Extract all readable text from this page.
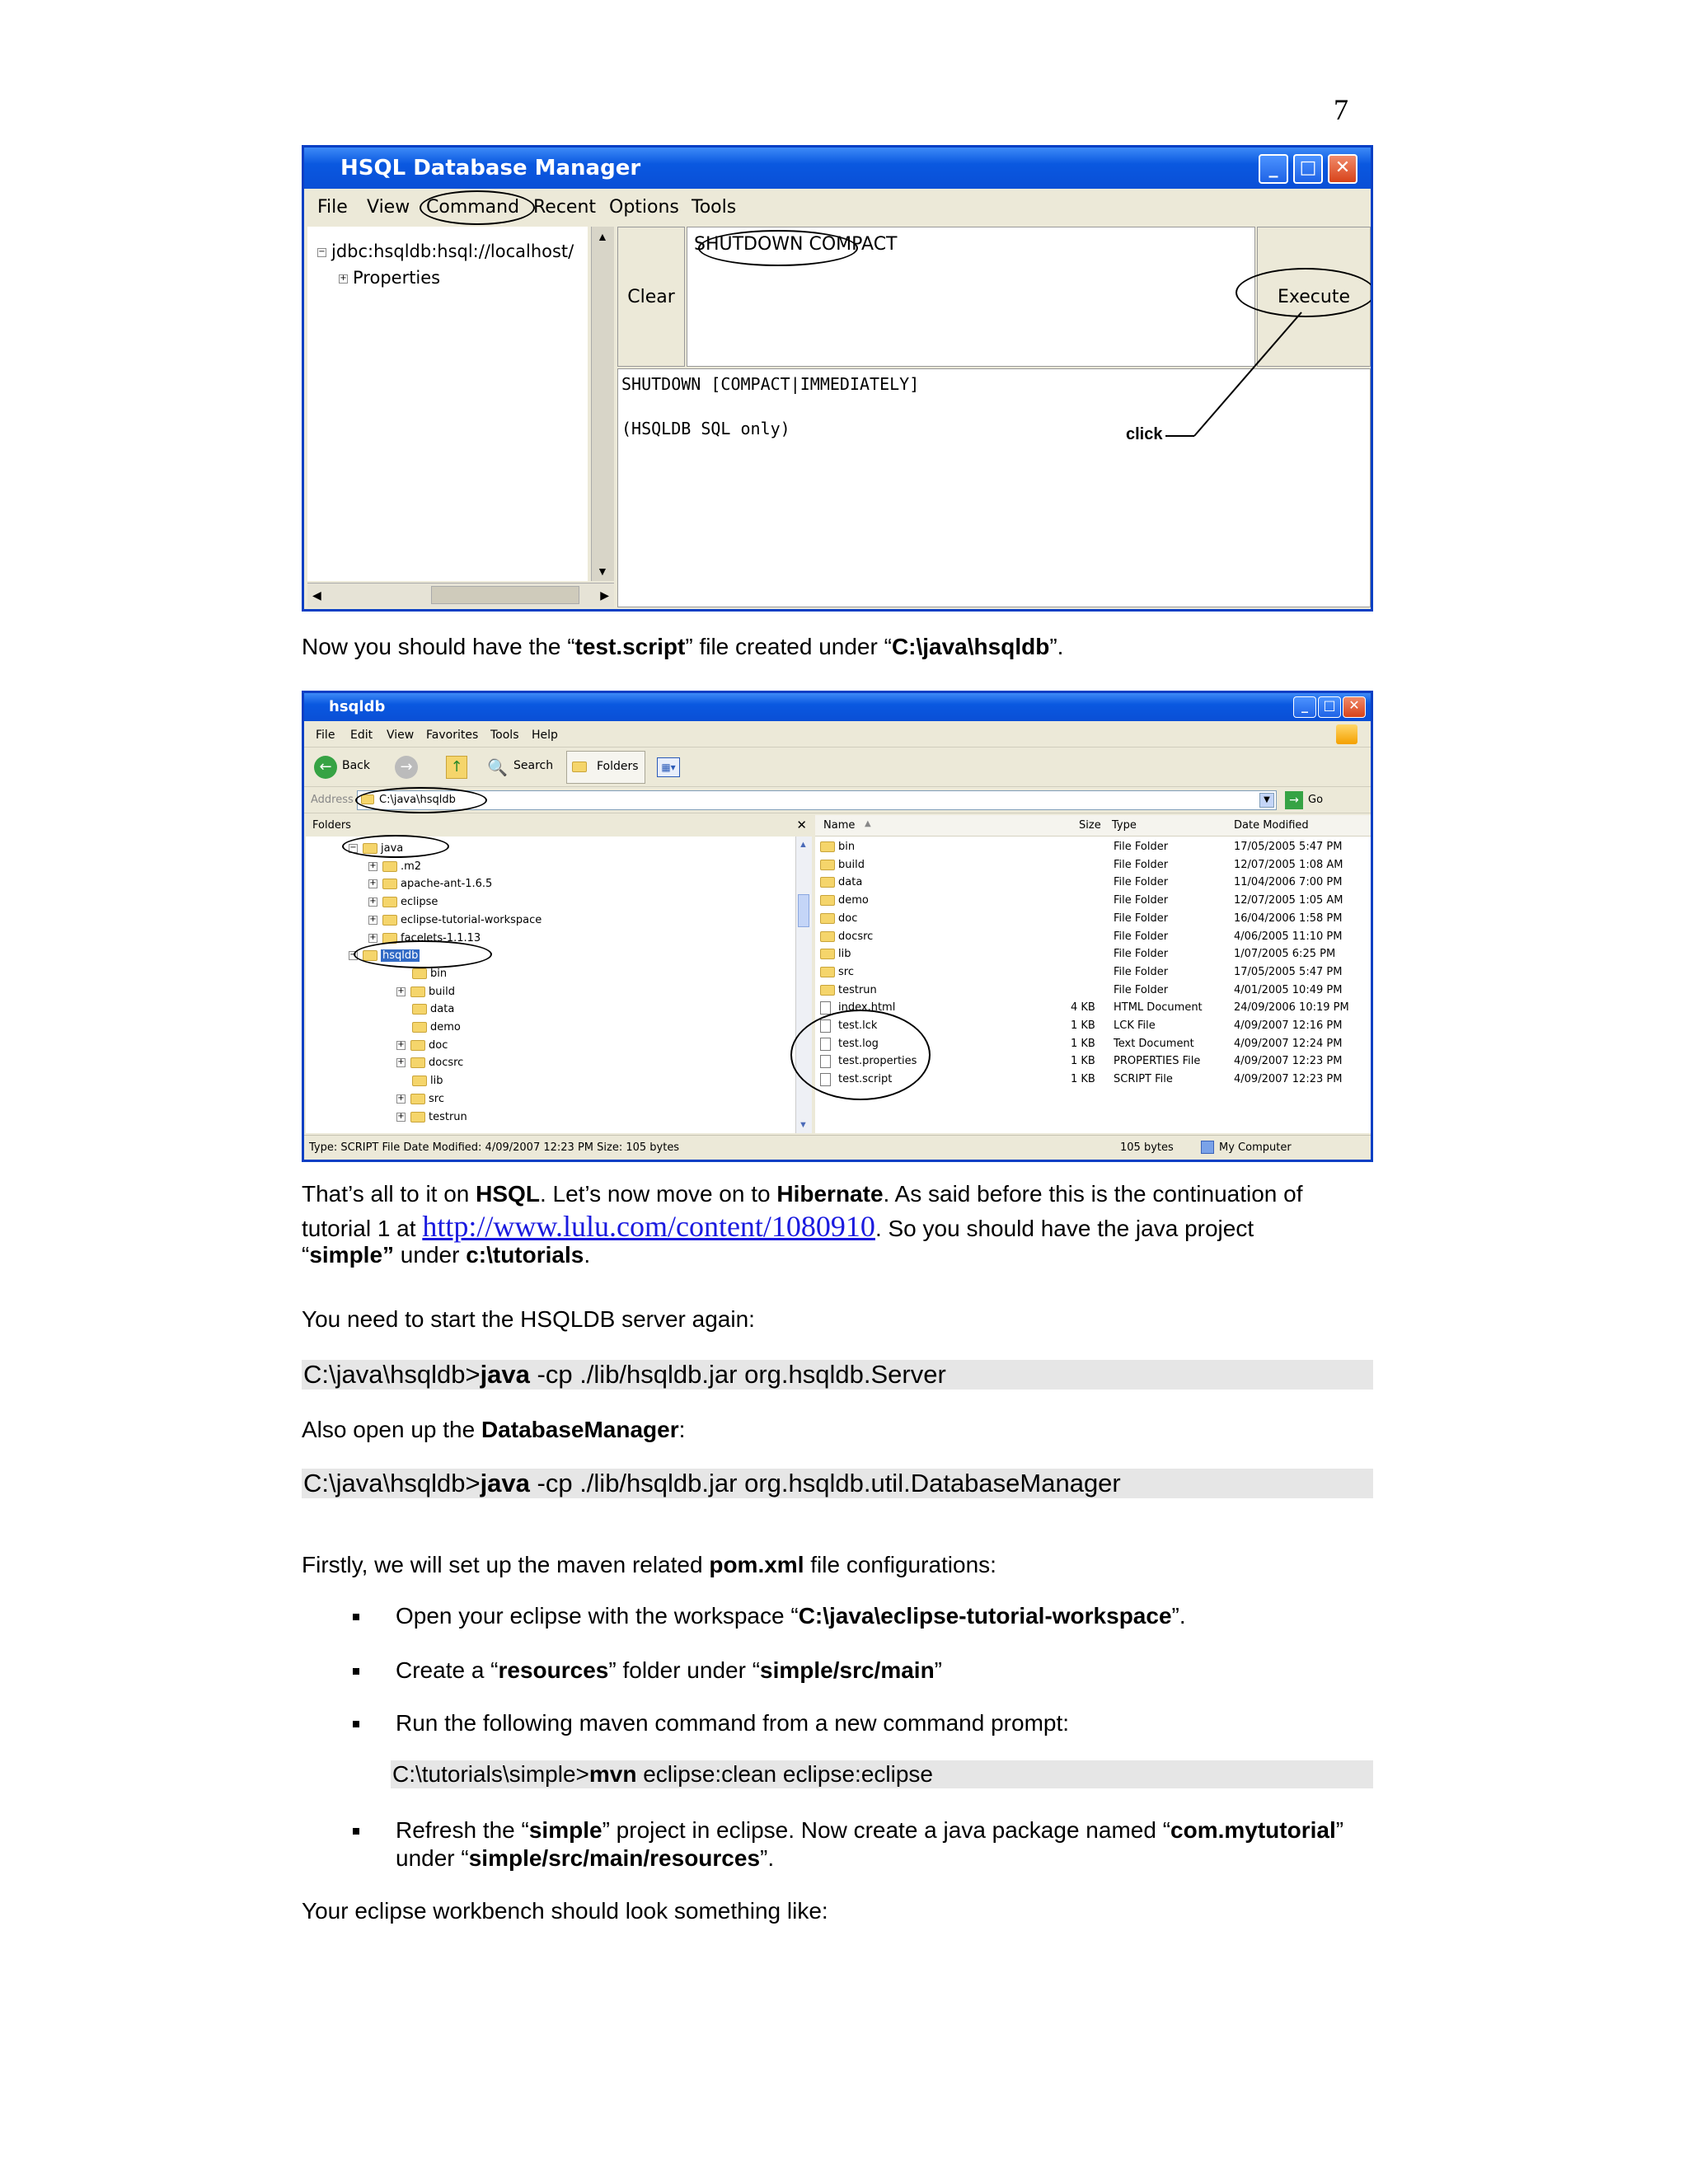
7
HSQL Database Manager	_	□	✕
File View Command Recent Options Tools
− jdbc:hsqldb:hsql://localhost/
+ Properties
▲
▼
◀	▶
Clear
SHUTDOWN COMPACT
Execute
SHUTDOWN [COMPACT|IMMEDIATELY]
(HSQLDB SQL only)	click
Now you should have the “test.script” file created under “C:\java\hsqldb”.
hsqldb	_	□ ✕
File Edit View Favorites Tools Help
← Back	→	↑ 🔍 Search	Folders	▦▾
Address C:\java\hsqldb	▼	→ Go
Folders	✕
− java
+ .m2
+ apache-ant-1.6.5
+ eclipse
+ eclipse-tutorial-workspace
+ facelets-1.1.13
− hsqldb
bin
+ build
data
demo
+ doc
+ docsrc
lib
+ src
+ testrun
▲
▼
Name ▲	Size Type	Date Modified
bin	File Folder	17/05/2005 5:47 PM
build	File Folder	12/07/2005 1:08 AM
data	File Folder	11/04/2006 7:00 PM
demo	File Folder	12/07/2005 1:05 AM
doc	File Folder	16/04/2006 1:58 PM
docsrc	File Folder	4/06/2005 11:10 PM
lib	File Folder	1/07/2005 6:25 PM
src	File Folder	17/05/2005 5:47 PM
testrun	File Folder	4/01/2005 10:49 PM
index.html	4 KB HTML Document	24/09/2006 10:19 PM
test.lck	1 KB LCK File	4/09/2007 12:16 PM
test.log	1 KB Text Document	4/09/2007 12:24 PM
test.properties	1 KB PROPERTIES File	4/09/2007 12:23 PM
test.script	1 KB SCRIPT File	4/09/2007 12:23 PM
Type: SCRIPT File Date Modified: 4/09/2007 12:23 PM Size: 105 bytes	105 bytes	My Computer
That’s all to it on HSQL. Let’s now move on to Hibernate. As said before this is the continuation of
tutorial 1 at http://www.lulu.com/content/1080910. So you should have the java project
“simple” under c:\tutorials.
You need to start the HSQLDB server again:
C:\java\hsqldb>java -cp ./lib/hsqldb.jar org.hsqldb.Server
Also open up the DatabaseManager:
C:\java\hsqldb>java -cp ./lib/hsqldb.jar org.hsqldb.util.DatabaseManager
Firstly, we will set up the maven related pom.xml file configurations:
Open your eclipse with the workspace “C:\java\eclipse-tutorial-workspace”.
Create a “resources” folder under “simple/src/main”
Run the following maven command from a new command prompt:
C:\tutorials\simple>mvn eclipse:clean eclipse:eclipse
Refresh the “simple” project in eclipse. Now create a java package named “com.mytutorial”
under “simple/src/main/resources”.
Your eclipse workbench should look something like:
